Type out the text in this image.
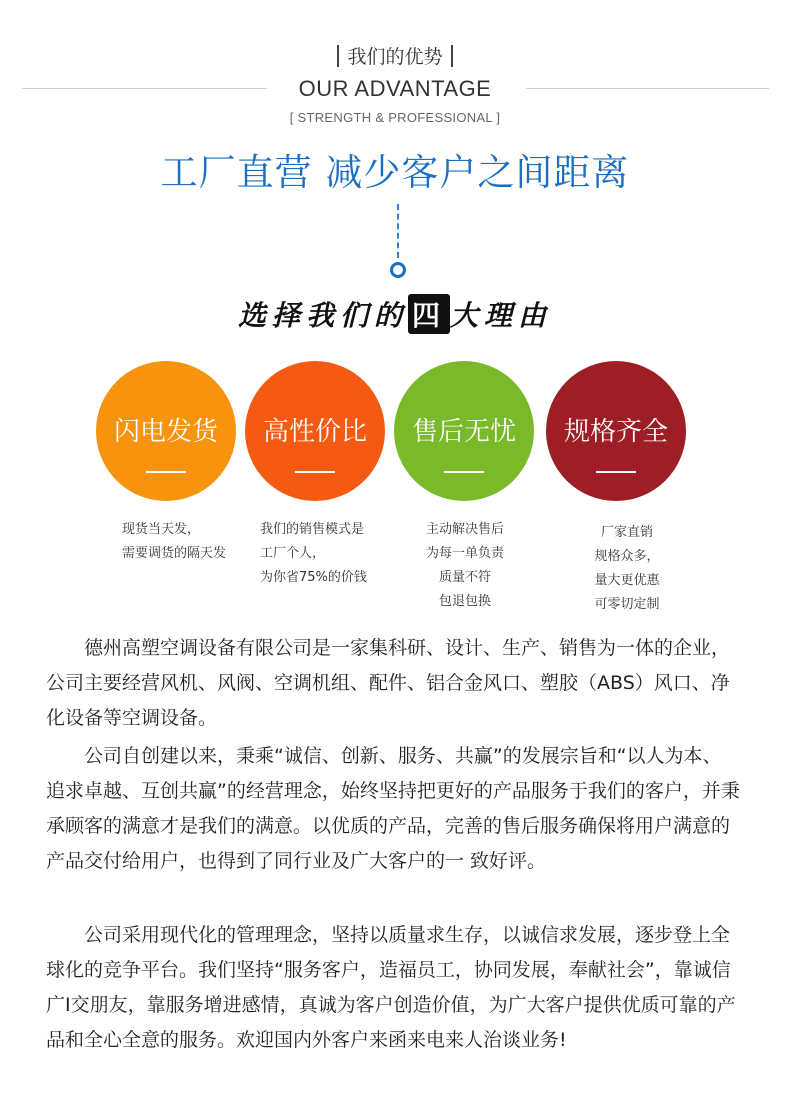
我们的优势
OUR ADVANTAGE
[ STRENGTH & PROFESSIONAL ]
工厂直营 减少客户之间距离
选择我们的 四 大理由
闪电发货	高性价比	售后无忧	规格齐全
现货当天发，
需要调货的隔天发
我们的销售模式是
工厂个人，
为你省75%的价钱
主动解决售后
为每一单负责
质量不符
包退包换
厂家直销
规格众多，
量大更优惠
可零切定制

德州高塑空调设备有限公司是一家集科研、设计、生产、销售为一体的企业，公司主要经营风机、风阀、空调机组、配件、铝合金风口、塑胶（ABS）风口、净化设备等空调设备。

公司自创建以来，秉乘“诚信、创新、服务、共赢”的发展宗旨和“以人为本、追求卓越、互创共赢”的经营理念，始终坚持把更好的产品服务于我们的客户，并秉承顾客的满意才是我们的满意。以优质的产品，完善的售后服务确保将用户满意的产品交付给用户，也得到了同行业及广大客户的一 致好评。

公司采用现代化的管理理念，坚持以质量求生存，以诚信求发展，逐步登上全球化的竞争平台。我们坚持“服务客户，造福员工，协同发展，奉献社会”，靠诚信广I交朋友，靠服务增进感情，真诚为客户创造价值，为广大客户提供优质可靠的产品和全心全意的服务。欢迎国内外客户来函来电来人治谈业务!
